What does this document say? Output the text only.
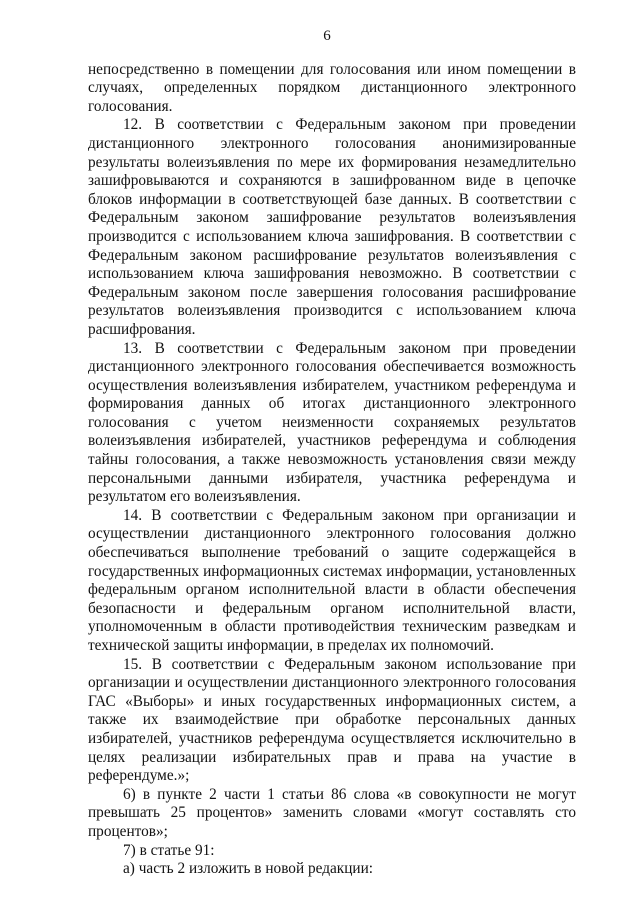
6

непосредственно в помещении для голосования или ином помещении в случаях, определенных порядком дистанционного электронного голосования.

12. В соответствии с Федеральным законом при проведении дистанционного электронного голосования анонимизированные результаты волеизъявления по мере их формирования незамедлительно зашифровываются и сохраняются в зашифрованном виде в цепочке блоков информации в соответствующей базе данных. В соответствии с Федеральным законом зашифрование результатов волеизъявления производится с использованием ключа зашифрования. В соответствии с Федеральным законом расшифрование результатов волеизъявления с использованием ключа зашифрования невозможно. В соответствии с Федеральным законом после завершения голосования расшифрование результатов волеизъявления производится с использованием ключа расшифрования.

13. В соответствии с Федеральным законом при проведении дистанционного электронного голосования обеспечивается возможность осуществления волеизъявления избирателем, участником референдума и формирования данных об итогах дистанционного электронного голосования с учетом неизменности сохраняемых результатов волеизъявления избирателей, участников референдума и соблюдения тайны голосования, а также невозможность установления связи между персональными данными избирателя, участника референдума и результатом его волеизъявления.

14. В соответствии с Федеральным законом при организации и осуществлении дистанционного электронного голосования должно обеспечиваться выполнение требований о защите содержащейся в государственных информационных системах информации, установленных федеральным органом исполнительной власти в области обеспечения безопасности и федеральным органом исполнительной власти, уполномоченным в области противодействия техническим разведкам и технической защиты информации, в пределах их полномочий.

15. В соответствии с Федеральным законом использование при организации и осуществлении дистанционного электронного голосования ГАС «Выборы» и иных государственных информационных систем, а также их взаимодействие при обработке персональных данных избирателей, участников референдума осуществляется исключительно в целях реализации избирательных прав и права на участие в референдуме.»;

6) в пункте 2 части 1 статьи 86 слова «в совокупности не могут превышать 25 процентов» заменить словами «могут составлять сто процентов»;

7) в статье 91:

а) часть 2 изложить в новой редакции:
